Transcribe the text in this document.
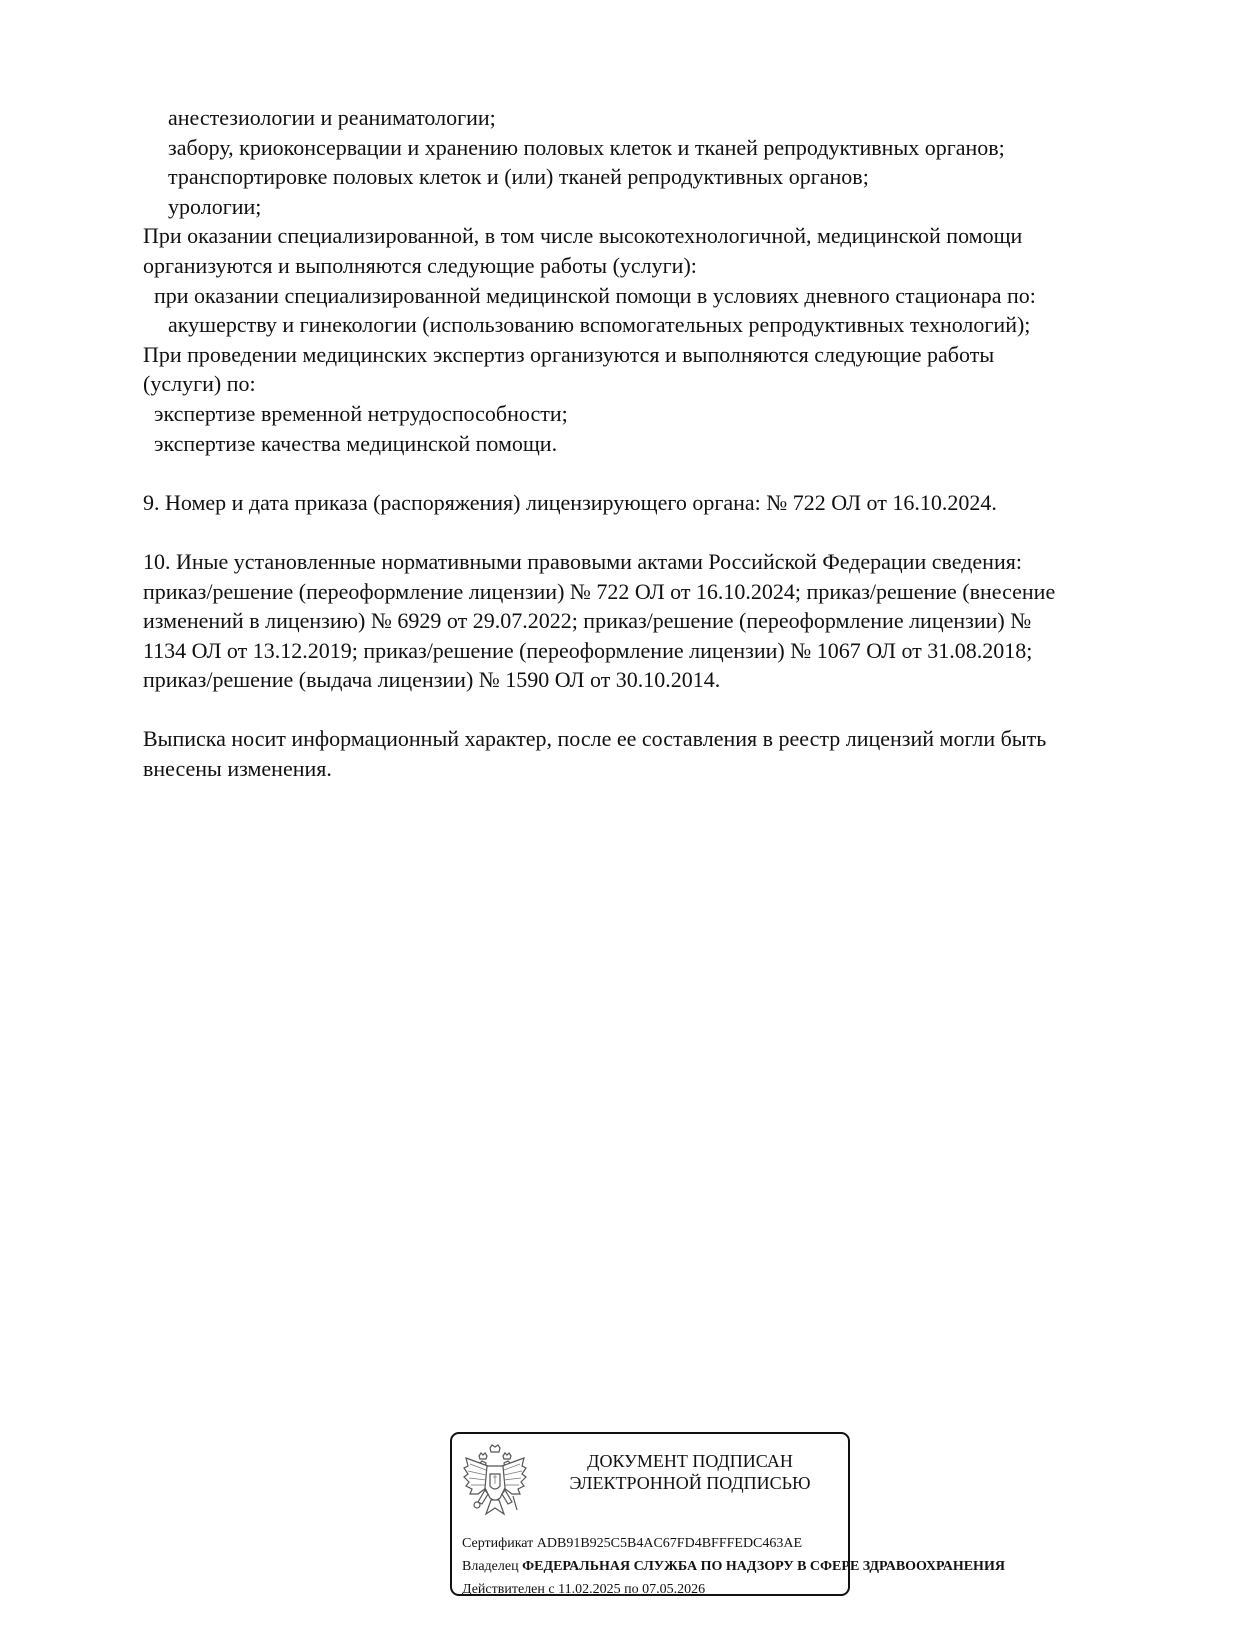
анестезиологии и реаниматологии;
забору, криоконсервации и хранению половых клеток и тканей репродуктивных органов;
транспортировке половых клеток и (или) тканей репродуктивных органов;
урологии;
При оказании специализированной, в том числе высокотехнологичной, медицинской помощи
организуются и выполняются следующие работы (услуги):
при оказании специализированной медицинской помощи в условиях дневного стационара по:
акушерству и гинекологии (использованию вспомогательных репродуктивных технологий);
При проведении медицинских экспертиз организуются и выполняются следующие работы
(услуги) по:
экспертизе временной нетрудоспособности;
экспертизе качества медицинской помощи.
9. Номер и дата приказа (распоряжения) лицензирующего органа: № 722 ОЛ от 16.10.2024.
10. Иные установленные нормативными правовыми актами Российской Федерации сведения:
приказ/решение (переоформление лицензии) № 722 ОЛ от 16.10.2024; приказ/решение (внесение
изменений в лицензию) № 6929 от 29.07.2022; приказ/решение (переоформление лицензии) №
1134 ОЛ от 13.12.2019; приказ/решение (переоформление лицензии) № 1067 ОЛ от 31.08.2018;
приказ/решение (выдача лицензии) № 1590 ОЛ от 30.10.2014.
Выписка носит информационный характер, после ее составления в реестр лицензий могли быть
внесены изменения.
ДОКУМЕНТ ПОДПИСАН
ЭЛЕКТРОННОЙ ПОДПИСЬЮ
Сертификат ADB91B925C5B4AC67FD4BFFFEDC463AE
Владелец ФЕДЕРАЛЬНАЯ СЛУЖБА ПО НАДЗОРУ В СФЕРЕ ЗДРАВООХРАНЕНИЯ
Действителен с 11.02.2025 по 07.05.2026
